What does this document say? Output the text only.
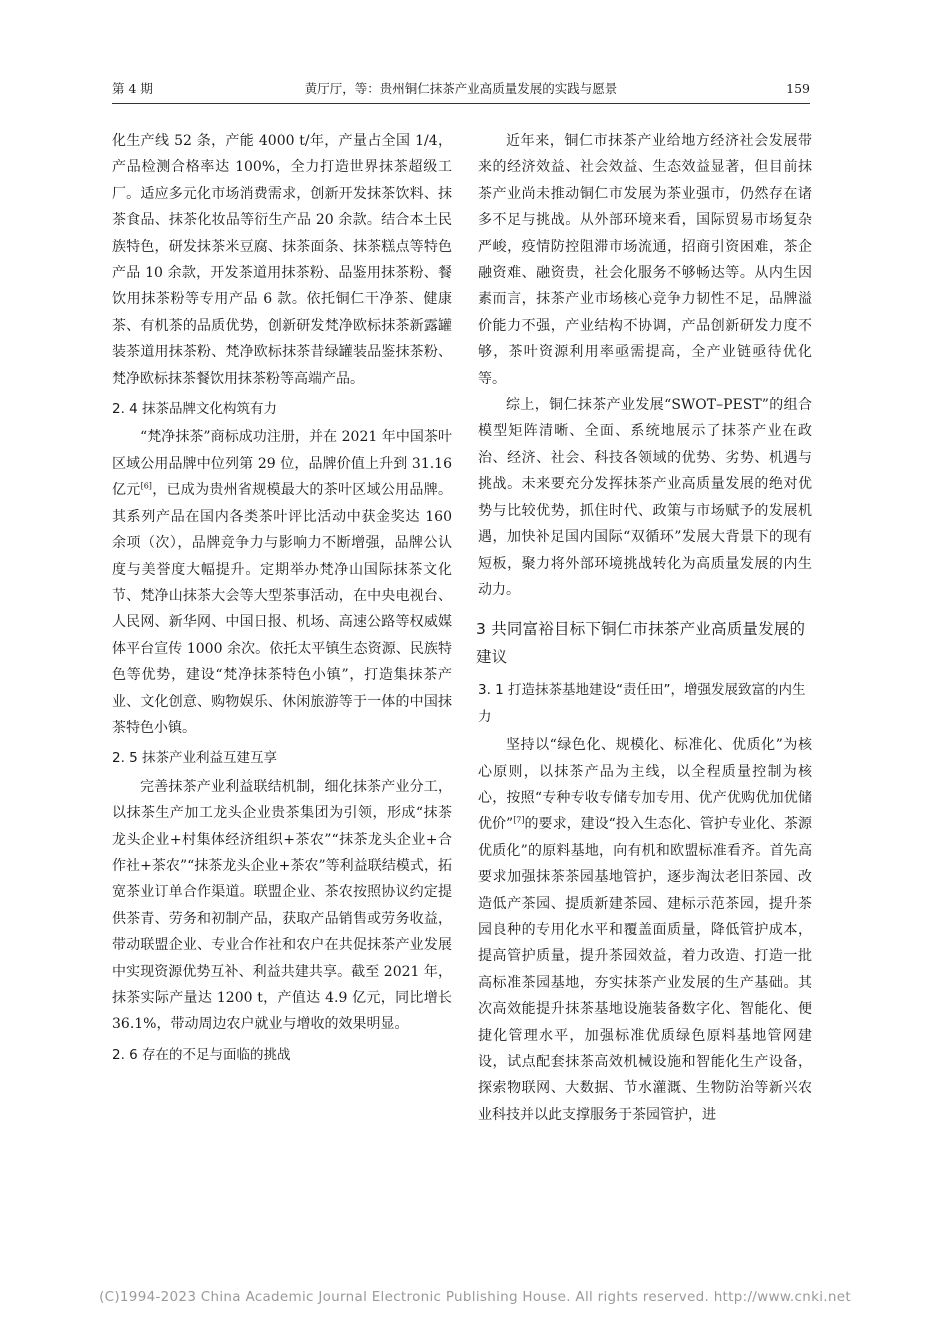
第 4 期	黄厅厅，等：贵州铜仁抹茶产业高质量发展的实践与愿景	159

化生产线 52 条，产能 4000 t/年，产量占全国 1/4，产品检测合格率达 100%，全力打造世界抹茶超级工厂。适应多元化市场消费需求，创新开发抹茶饮料、抹茶食品、抹茶化妆品等衍生产品 20 余款。结合本土民族特色，研发抹茶米豆腐、抹茶面条、抹茶糕点等特色产品 10 余款，开发茶道用抹茶粉、品鉴用抹茶粉、餐饮用抹茶粉等专用产品 6 款。依托铜仁干净茶、健康茶、有机茶的品质优势，创新研发梵净欧标抹茶新露罐装茶道用抹茶粉、梵净欧标抹茶昔绿罐装品鉴抹茶粉、梵净欧标抹茶餐饮用抹茶粉等高端产品。

2. 4 抹茶品牌文化构筑有力

“梵净抹茶”商标成功注册，并在 2021 年中国茶叶区域公用品牌中位列第 29 位，品牌价值上升到 31.16 亿元[6]，已成为贵州省规模最大的茶叶区域公用品牌。其系列产品在国内各类茶叶评比活动中获金奖达 160 余项（次），品牌竞争力与影响力不断增强，品牌公认度与美誉度大幅提升。定期举办梵净山国际抹茶文化节、梵净山抹茶大会等大型茶事活动，在中央电视台、人民网、新华网、中国日报、机场、高速公路等权威媒体平台宣传 1000 余次。依托太平镇生态资源、民族特色等优势，建设“梵净抹茶特色小镇”，打造集抹茶产业、文化创意、购物娱乐、休闲旅游等于一体的中国抹茶特色小镇。

2. 5 抹茶产业利益互建互享

完善抹茶产业利益联结机制，细化抹茶产业分工，以抹茶生产加工龙头企业贵茶集团为引领，形成“抹茶龙头企业+村集体经济组织+茶农”“抹茶龙头企业+合作社+茶农”“抹茶龙头企业+茶农”等利益联结模式，拓宽茶业订单合作渠道。联盟企业、茶农按照协议约定提供茶青、劳务和初制产品，获取产品销售或劳务收益，带动联盟企业、专业合作社和农户在共促抹茶产业发展中实现资源优势互补、利益共建共享。截至 2021 年，抹茶实际产量达 1200 t，产值达 4.9 亿元，同比增长 36.1%，带动周边农户就业与增收的效果明显。

2. 6 存在的不足与面临的挑战

近年来，铜仁市抹茶产业给地方经济社会发展带来的经济效益、社会效益、生态效益显著，但目前抹茶产业尚未推动铜仁市发展为茶业强市，仍然存在诸多不足与挑战。从外部环境来看，国际贸易市场复杂严峻，疫情防控阻滞市场流通，招商引资困难，茶企融资难、融资贵，社会化服务不够畅达等。从内生因素而言，抹茶产业市场核心竞争力韧性不足，品牌溢价能力不强，产业结构不协调，产品创新研发力度不够，茶叶资源利用率亟需提高，全产业链亟待优化等。

综上，铜仁抹茶产业发展“SWOT–PEST”的组合模型矩阵清晰、全面、系统地展示了抹茶产业在政治、经济、社会、科技各领域的优势、劣势、机遇与挑战。未来要充分发挥抹茶产业高质量发展的绝对优势与比较优势，抓住时代、政策与市场赋予的发展机遇，加快补足国内国际“双循环”发展大背景下的现有短板，聚力将外部环境挑战转化为高质量发展的内生动力。

3 共同富裕目标下铜仁市抹茶产业高质量发展的建议
3. 1 打造抹茶基地建设“责任田”，增强发展致富的内生力

坚持以“绿色化、规模化、标准化、优质化”为核心原则，以抹茶产品为主线，以全程质量控制为核心，按照“专种专收专储专加专用、优产优购优加优储优价”[7]的要求，建设“投入生态化、管护专业化、茶源优质化”的原料基地，向有机和欧盟标准看齐。首先高要求加强抹茶茶园基地管护，逐步淘汰老旧茶园、改造低产茶园、提质新建茶园、建标示范茶园，提升茶园良种的专用化水平和覆盖面质量，降低管护成本，提高管护质量，提升茶园效益，着力改造、打造一批高标准茶园基地，夯实抹茶产业发展的生产基础。其次高效能提升抹茶基地设施装备数字化、智能化、便捷化管理水平，加强标准优质绿色原料基地管网建设，试点配套抹茶高效机械设施和智能化生产设备，探索物联网、大数据、节水灌溉、生物防治等新兴农业科技并以此支撑服务于茶园管护，进

(C)1994-2023 China Academic Journal Electronic Publishing House. All rights reserved. http://www.cnki.net
